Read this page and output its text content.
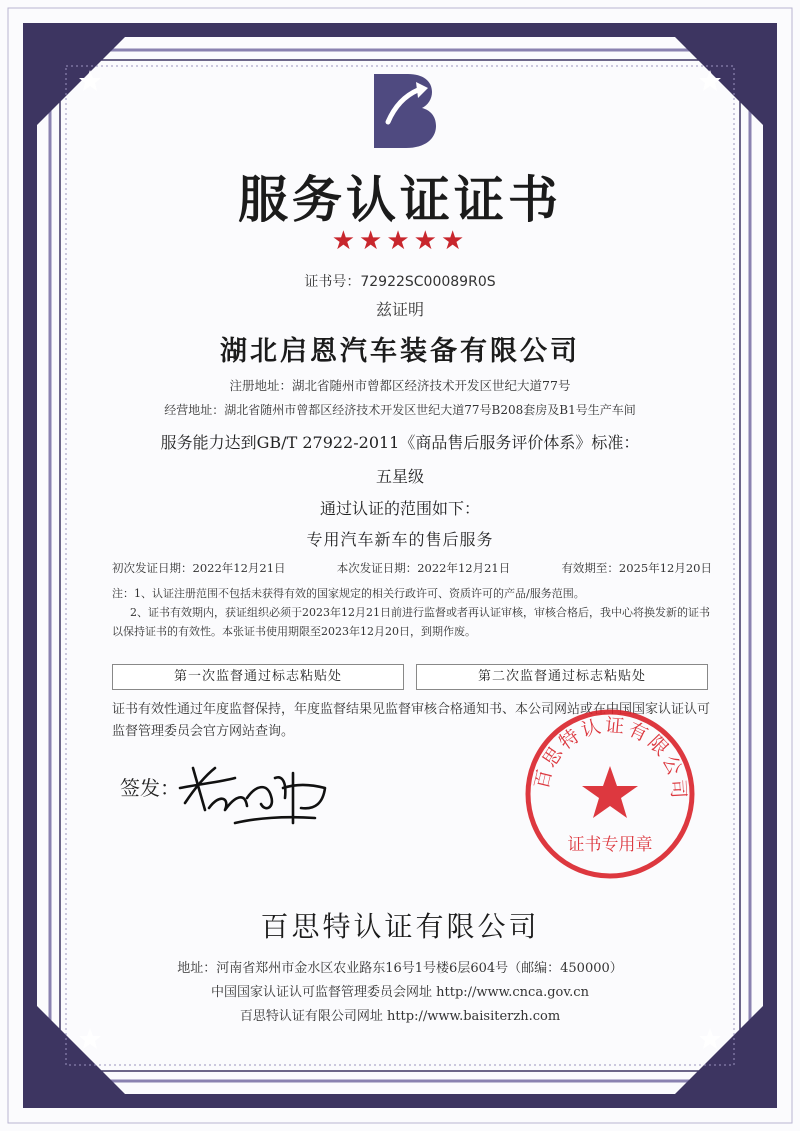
服务认证证书
★★★★★
证书号：72922SC00089R0S
兹证明
湖北启恩汽车装备有限公司
注册地址：湖北省随州市曾都区经济技术开发区世纪大道77号
经营地址：湖北省随州市曾都区经济技术开发区世纪大道77号B208套房及B1号生产车间
服务能力达到GB/T 27922-2011《商品售后服务评价体系》标准：
五星级
通过认证的范围如下：
专用汽车新车的售后服务
初次发证日期：2022年12月21日	本次发证日期：2022年12月21日	有效期至：2025年12月20日

注：1、认证注册范围不包括未获得有效的国家规定的相关行政许可、资质许可的产品/服务范围。

2、证书有效期内，获证组织必须于2023年12月21日前进行监督或者再认证审核，审核合格后，我中心将换发新的证书以保持证书的有效性。本张证书使用期限至2023年12月20日，到期作废。

第一次监督通过标志粘贴处	第二次监督通过标志粘贴处
证书有效性通过年度监督保持，年度监督结果见监督审核合格通知书、本公司网站或在中国国家认证认可监督管理委员会官方网站查询。
签发：	百思特认证有限公司
证书专用章
百思特认证有限公司
地址：河南省郑州市金水区农业路东16号1号楼6层604号（邮编：450000）
中国国家认证认可监督管理委员会网址 http://www.cnca.gov.cn
百思特认证有限公司网址 http://www.baisiterzh.com
